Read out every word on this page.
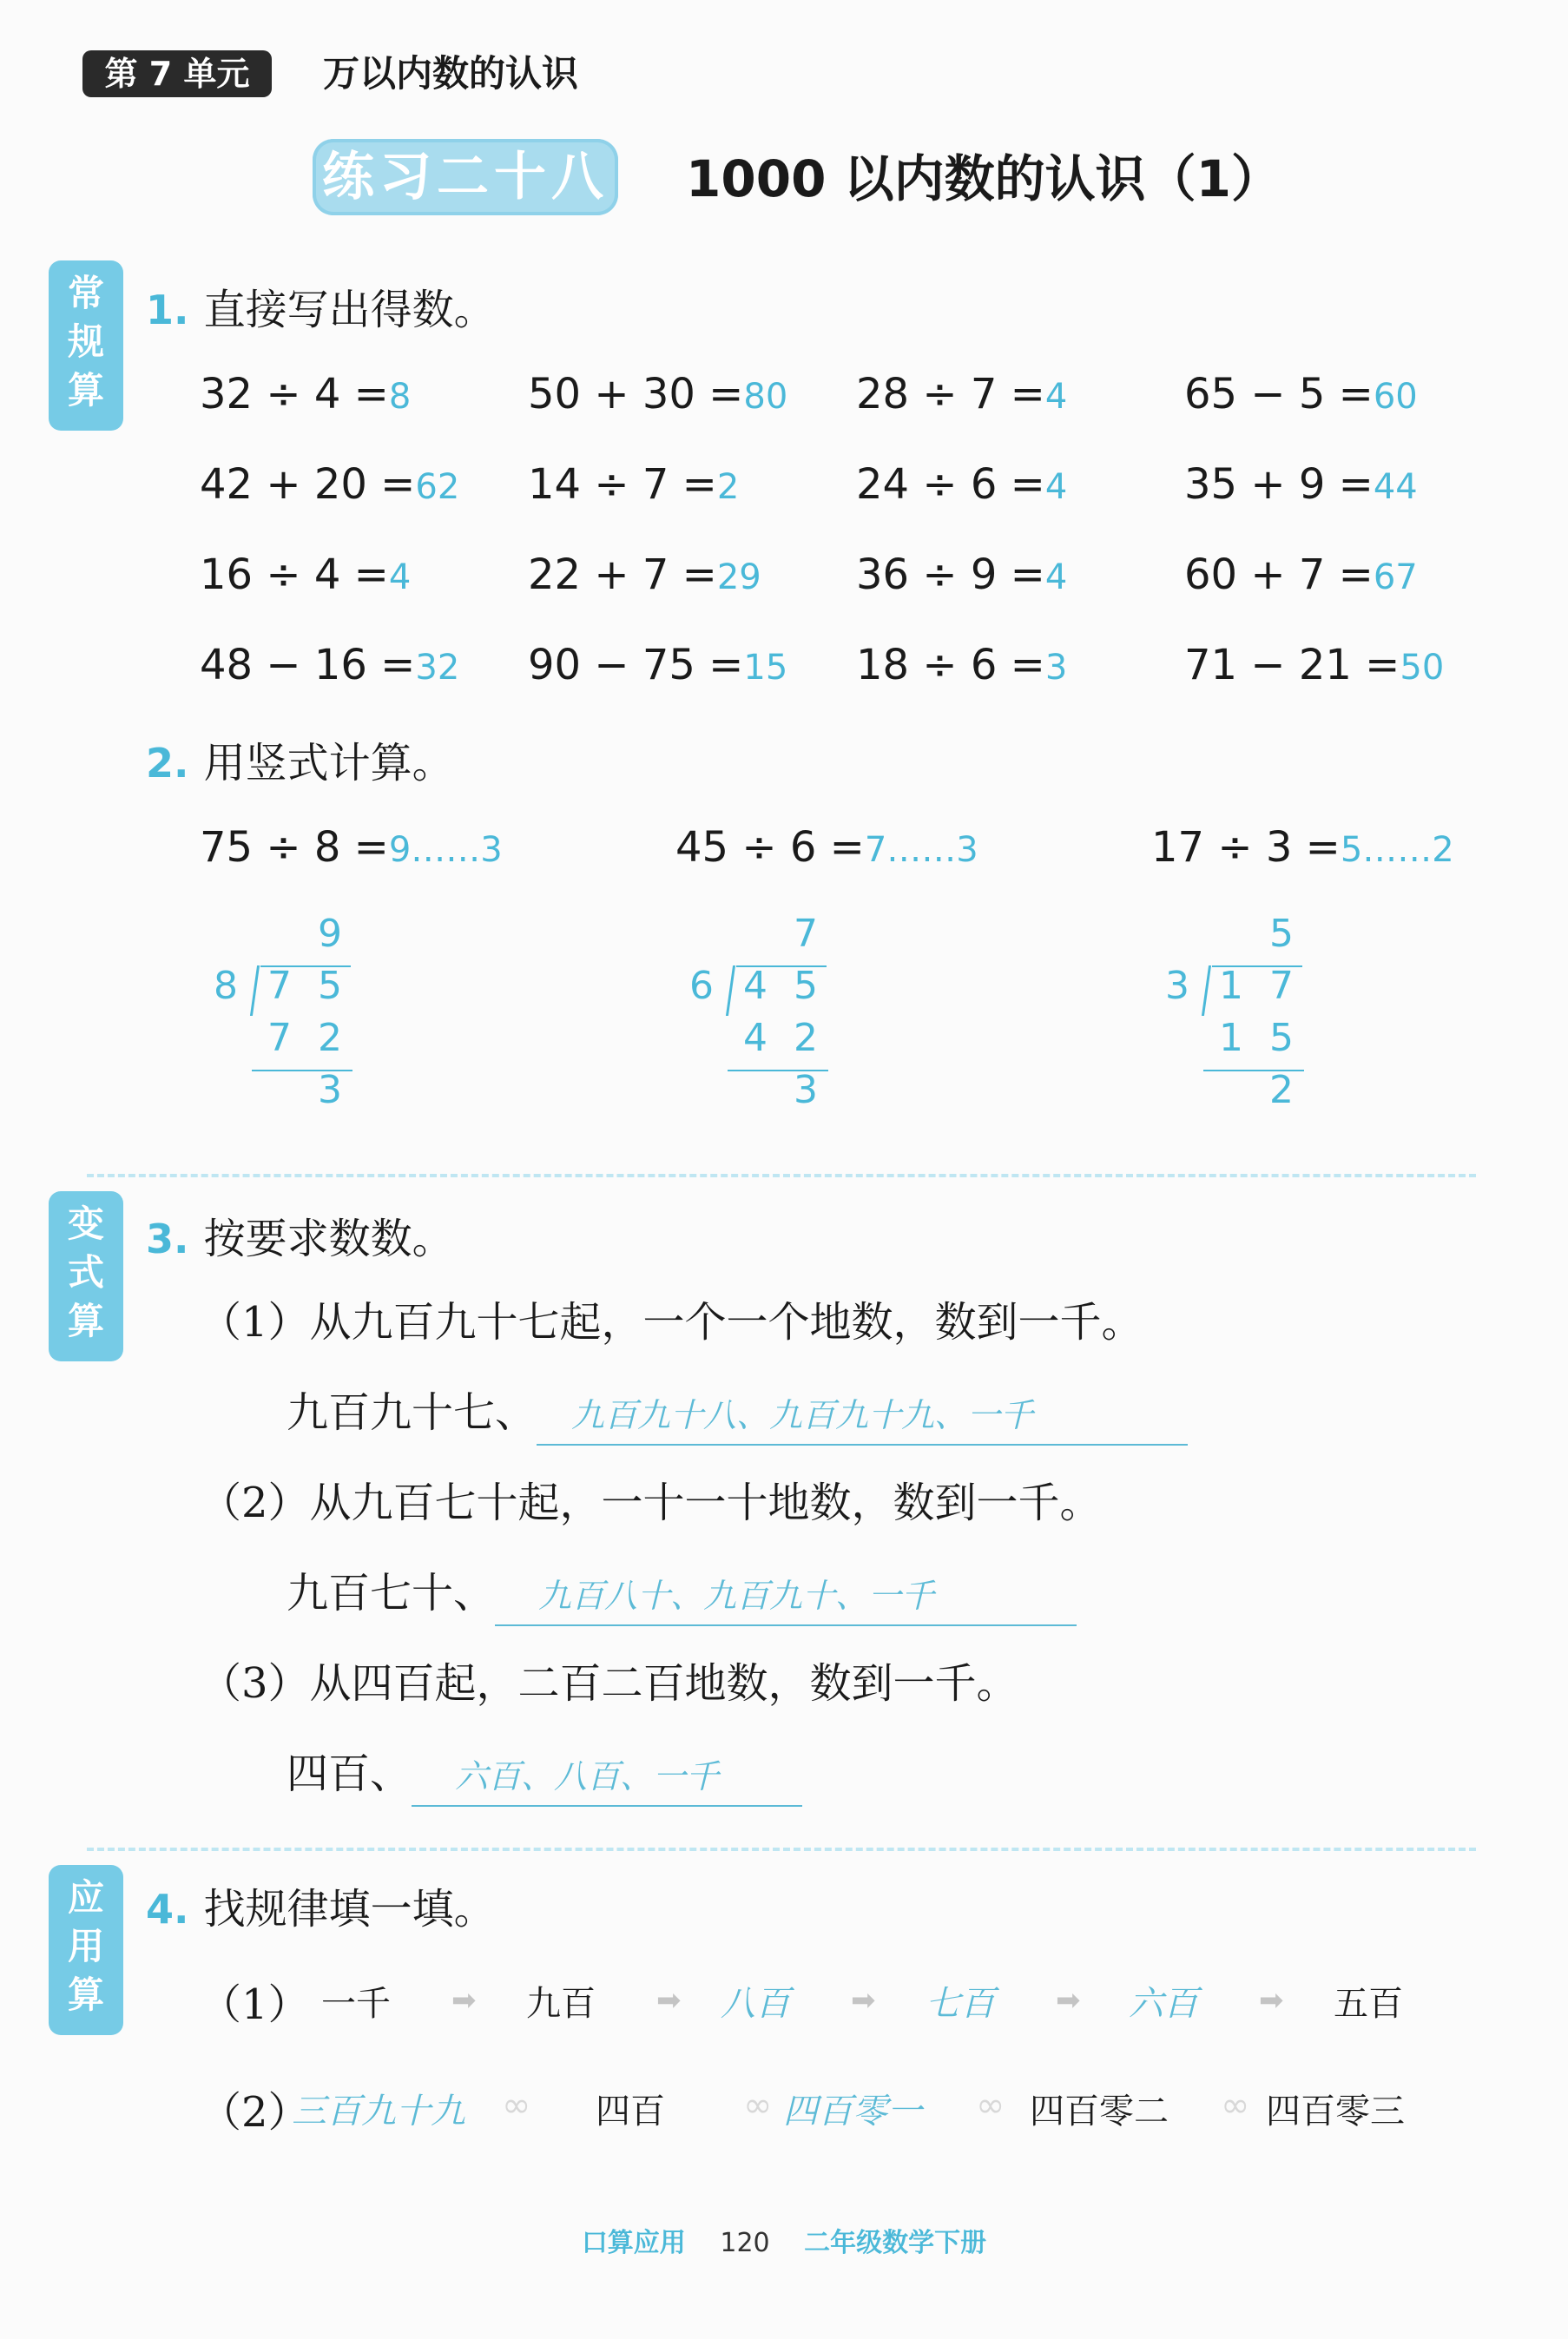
第 7 单元	万以内数的认识
练习二十八 1000 以内数的认识（1）
常
规
算
变
式
算
应
用
算
1. 直接写出得数。
32 ÷ 4 =8	50 + 30 =80 28 ÷ 7 =4	65 − 5 =60
42 + 20 =62 14 ÷ 7 =2	24 ÷ 6 =4	35 + 9 =44
16 ÷ 4 =4	22 + 7 =29 36 ÷ 9 =4	60 + 7 =67
48 − 16 =32 90 − 75 =15 18 ÷ 6 =3	71 − 21 =50
2. 用竖式计算。
75 ÷ 8 =9……3
9
8 7 5
7 2
3
45 ÷ 6 =7……3
7
6 4 5
4 2
3
17 ÷ 3 =5……2
5
3 1 7
1 5
2
3. 按要求数数。
（1）从九百九十七起，一个一个地数，数到一千。
九百九十七、 九百九十八、九百九十九、一千
（2）从九百七十起，一十一十地数，数到一千。
九百七十、 九百八十、九百九十、一千
（3）从四百起，二百二百地数，数到一千。
四百、 六百、八百、一千
4. 找规律填一填。
（1） 一千 ➡ 九百 ➡ 八百 ➡ 七百 ➡ 六百 ➡ 五百
（2）
三百九十九	四百	四百零一	四百零二	四百零三
∞	∞	∞	∞
口算应用 120 二年级数学下册
